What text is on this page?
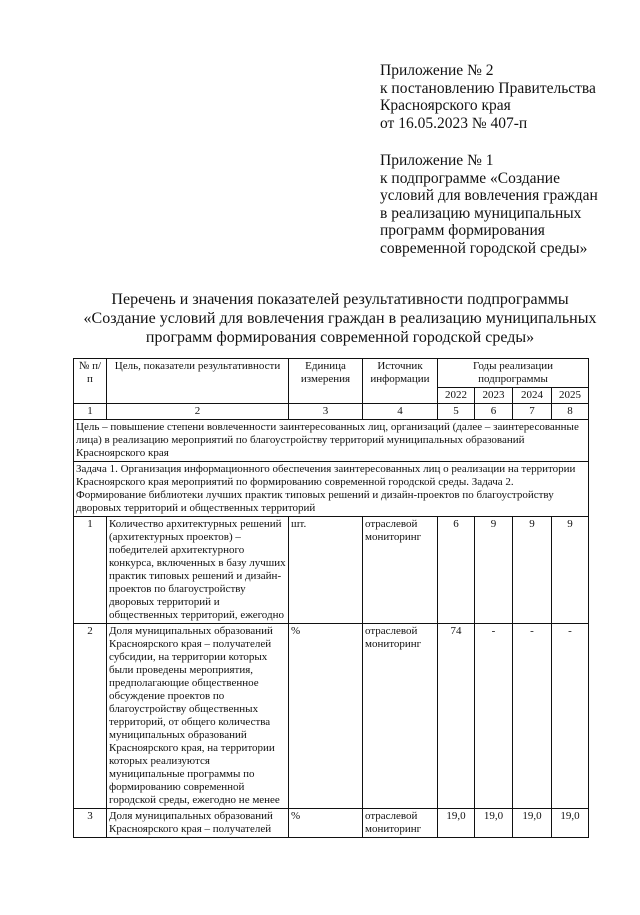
Приложение № 2
к постановлению Правительства
Красноярского края
от 16.05.2023 № 407-п
Приложение № 1
к подпрограмме «Создание
условий для вовлечения граждан
в реализацию муниципальных
программ формирования
современной городской среды»
Перечень и значения показателей результативности подпрограммы
«Создание условий для вовлечения граждан в реализацию муниципальных
программ формирования современной городской среды»
№ п/п	Цель, показатели результативности	Единица измерения	Источник информации	Годы реализации подпрограммы			
				2022	2023	2024	2025
1	2	3	4	5	6	7	8
Цель – повышение степени вовлеченности заинтересованных лиц, организаций (далее – заинтересованные лица) в реализацию мероприятий по благоустройству территорий муниципальных образований Красноярского края							
Задача 1. Организация информационного обеспечения заинтересованных лиц о реализации на территории Красноярского края мероприятий по формированию современной городской среды. Задача 2. Формирование библиотеки лучших практик типовых решений и дизайн-проектов по благоустройству дворовых территорий и общественных территорий							
1	Количество архитектурных решений (архитектурных проектов) – победителей архитектурного конкурса, включенных в базу лучших практик типовых решений и дизайн-проектов по благоустройству дворовых территорий и общественных территорий, ежегодно	шт.	отраслевой мониторинг	6	9	9	9
2	Доля муниципальных образований Красноярского края – получателей субсидии, на территории которых были проведены мероприятия, предполагающие общественное обсуждение проектов по благоустройству общественных территорий, от общего количества муниципальных образований Красноярского края, на территории которых реализуются муниципальные программы по формированию современной городской среды, ежегодно не менее	%	отраслевой мониторинг	74	-	-	-
3	Доля муниципальных образований Красноярского края – получателей	%	отраслевой мониторинг	19,0	19,0	19,0	19,0
